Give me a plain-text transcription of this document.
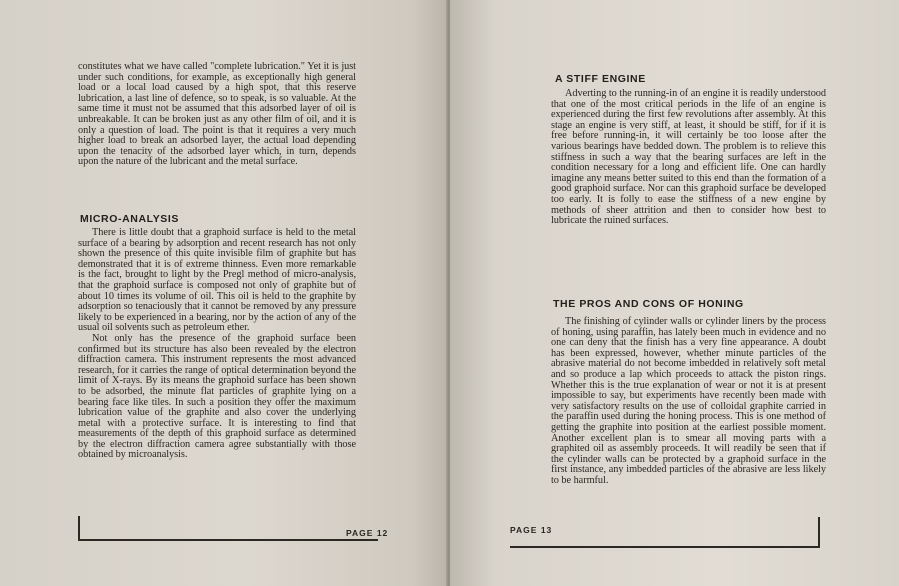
constitutes what we have called "complete lubrication." Yet it is just under such conditions, for example, as exceptionally high general load or a local load caused by a high spot, that this reserve lubrication, a last line of defence, so to speak, is so valuable. At the same time it must not be assumed that this adsorbed layer of oil is unbreakable. It can be broken just as any other film of oil, and it is only a question of load. The point is that it requires a very much higher load to break an adsorbed layer, the actual load depending upon the tenacity of the adsorbed layer which, in turn, depends upon the nature of the lubricant and the metal surface.

MICRO-ANALYSIS

There is little doubt that a graphoid surface is held to the metal surface of a bearing by adsorption and recent research has not only shown the presence of this quite invisible film of graphite but has demonstrated that it is of extreme thinness. Even more remarkable is the fact, brought to light by the Pregl method of micro-analysis, that the graphoid surface is composed not only of graphite but of about 10 times its volume of oil. This oil is held to the graphite by adsorption so tenaciously that it cannot be removed by any pressure likely to be experienced in a bearing, nor by the action of any of the usual oil solvents such as petroleum ether.

Not only has the presence of the graphoid surface been confirmed but its structure has also been revealed by the electron diffraction camera. This instrument represents the most advanced research, for it carries the range of optical determination beyond the limit of X-rays. By its means the graphoid surface has been shown to be adsorbed, the minute flat particles of graphite lying on a bearing face like tiles. In such a position they offer the maximum lubrication value of the graphite and also cover the underlying metal with a protective surface. It is interesting to find that measurements of the depth of this graphoid surface as determined by the electron diffraction camera agree substantially with those obtained by microanalysis.

PAGE 12
A STIFF ENGINE

Adverting to the running-in of an engine it is readily understood that one of the most critical periods in the life of an engine is experienced during the first few revolutions after assembly. At this stage an engine is very stiff, at least, it should be stiff, for if it is free before running-in, it will certainly be too loose after the various bearings have bedded down. The problem is to relieve this stiffness in such a way that the bearing surfaces are left in the condition necessary for a long and efficient life. One can hardly imagine any means better suited to this end than the formation of a good graphoid surface. Nor can this graphoid surface be developed too early. It is folly to ease the stiffness of a new engine by methods of sheer attrition and then to consider how best to lubricate the ruined surfaces.

THE PROS AND CONS OF HONING

The finishing of cylinder walls or cylinder liners by the process of honing, using paraffin, has lately been much in evidence and no one can deny that the finish has a very fine appearance. A doubt has been expressed, however, whether minute particles of the abrasive material do not become imbedded in relatively soft metal and so produce a lap which proceeds to attack the piston rings. Whether this is the true explanation of wear or not it is at present impossible to say, but experiments have recently been made with very satisfactory results on the use of colloidal graphite carried in the paraffin used during the honing process. This is one method of getting the graphite into position at the earliest possible moment. Another excellent plan is to smear all moving parts with a graphited oil as assembly proceeds. It will readily be seen that if the cylinder walls can be protected by a graphoid surface in the first instance, any imbedded particles of the abrasive are less likely to be harmful.

PAGE 13
